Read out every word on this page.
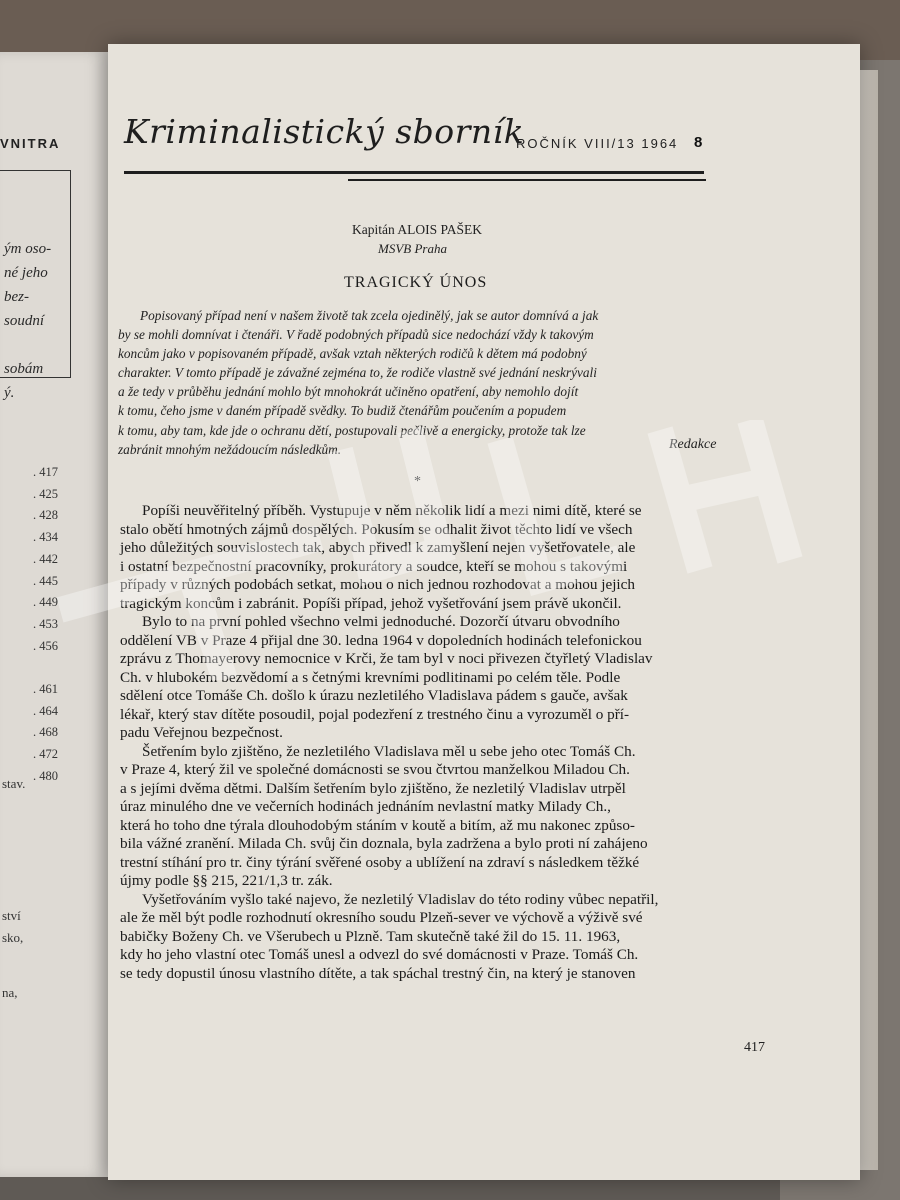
VNITRA
ým oso-
né jeho
bez-
soudní

sobám
ý.
. 417
. 425
. 428
. 434
. 442
. 445
. 449
. 453
. 456

. 461
. 464
. 468
. 472
. 480
stav.
ství
sko,
na,
Kriminalistický sborník
ROČNÍK VIII/13 1964 8
Kapitán ALOIS PAŠEK
MSVB Praha
TRAGICKÝ ÚNOS
Popisovaný případ není v našem životě tak zcela ojedinělý, jak se autor domnívá a jak
by se mohli domnívat i čtenáři. V řadě podobných případů sice nedochází vždy k takovým
koncům jako v popisovaném případě, avšak vztah některých rodičů k dětem má podobný
charakter. V tomto případě je závažné zejména to, že rodiče vlastně své jednání neskrývali
a že tedy v průběhu jednání mohlo být mnohokrát učiněno opatření, aby nemohlo dojít
k tomu, čeho jsme v daném případě svědky. To budiž čtenářům poučením a popudem
k tomu, aby tam, kde jde o ochranu dětí, postupovali pečlivě a energicky, protože tak lze
zabránit mnohým nežádoucím následkům.	Redakce
*
Popíši neuvěřitelný příběh. Vystupuje v něm několik lidí a mezi nimi dítě, které se
stalo obětí hmotných zájmů dospělých. Pokusím se odhalit život těchto lidí ve všech
jeho důležitých souvislostech tak, abych přivedl k zamyšlení nejen vyšetřovatele, ale
i ostatní bezpečnostní pracovníky, prokurátory a soudce, kteří se mohou s takovými
případy v různých podobách setkat, mohou o nich jednou rozhodovat a mohou jejich
tragickým koncům i zabránit. Popíši případ, jehož vyšetřování jsem právě ukončil.
Bylo to na první pohled všechno velmi jednoduché. Dozorčí útvaru obvodního
oddělení VB v Praze 4 přijal dne 30. ledna 1964 v dopoledních hodinách telefonickou
zprávu z Thomayerovy nemocnice v Krči, že tam byl v noci přivezen čtyřletý Vladislav
Ch. v hlubokém bezvědomí a s četnými krevními podlitinami po celém těle. Podle
sdělení otce Tomáše Ch. došlo k úrazu nezletilého Vladislava pádem s gauče, avšak
lékař, který stav dítěte posoudil, pojal podezření z trestného činu a vyrozuměl o pří-
padu Veřejnou bezpečnost.
Šetřením bylo zjištěno, že nezletilého Vladislava měl u sebe jeho otec Tomáš Ch.
v Praze 4, který žil ve společné domácnosti se svou čtvrtou manželkou Miladou Ch.
a s jejími dvěma dětmi. Dalším šetřením bylo zjištěno, že nezletilý Vladislav utrpěl
úraz minulého dne ve večerních hodinách jednáním nevlastní matky Milady Ch.,
která ho toho dne týrala dlouhodobým stáním v koutě a bitím, až mu nakonec způso-
bila vážné zranění. Milada Ch. svůj čin doznala, byla zadržena a bylo proti ní zahájeno
trestní stíhání pro tr. činy týrání svěřené osoby a ublížení na zdraví s následkem těžké
újmy podle §§ 215, 221/1,3 tr. zák.
Vyšetřováním vyšlo také najevo, že nezletilý Vladislav do této rodiny vůbec nepatřil,
ale že měl být podle rozhodnutí okresního soudu Plzeň-sever ve výchově a výživě své
babičky Boženy Ch. ve Všerubech u Plzně. Tam skutečně také žil do 15. 11. 1963,
kdy ho jeho vlastní otec Tomáš unesl a odvezl do své domácnosti v Praze. Tomáš Ch.
se tedy dopustil únosu vlastního dítěte, a tak spáchal trestný čin, na který je stanoven
417
